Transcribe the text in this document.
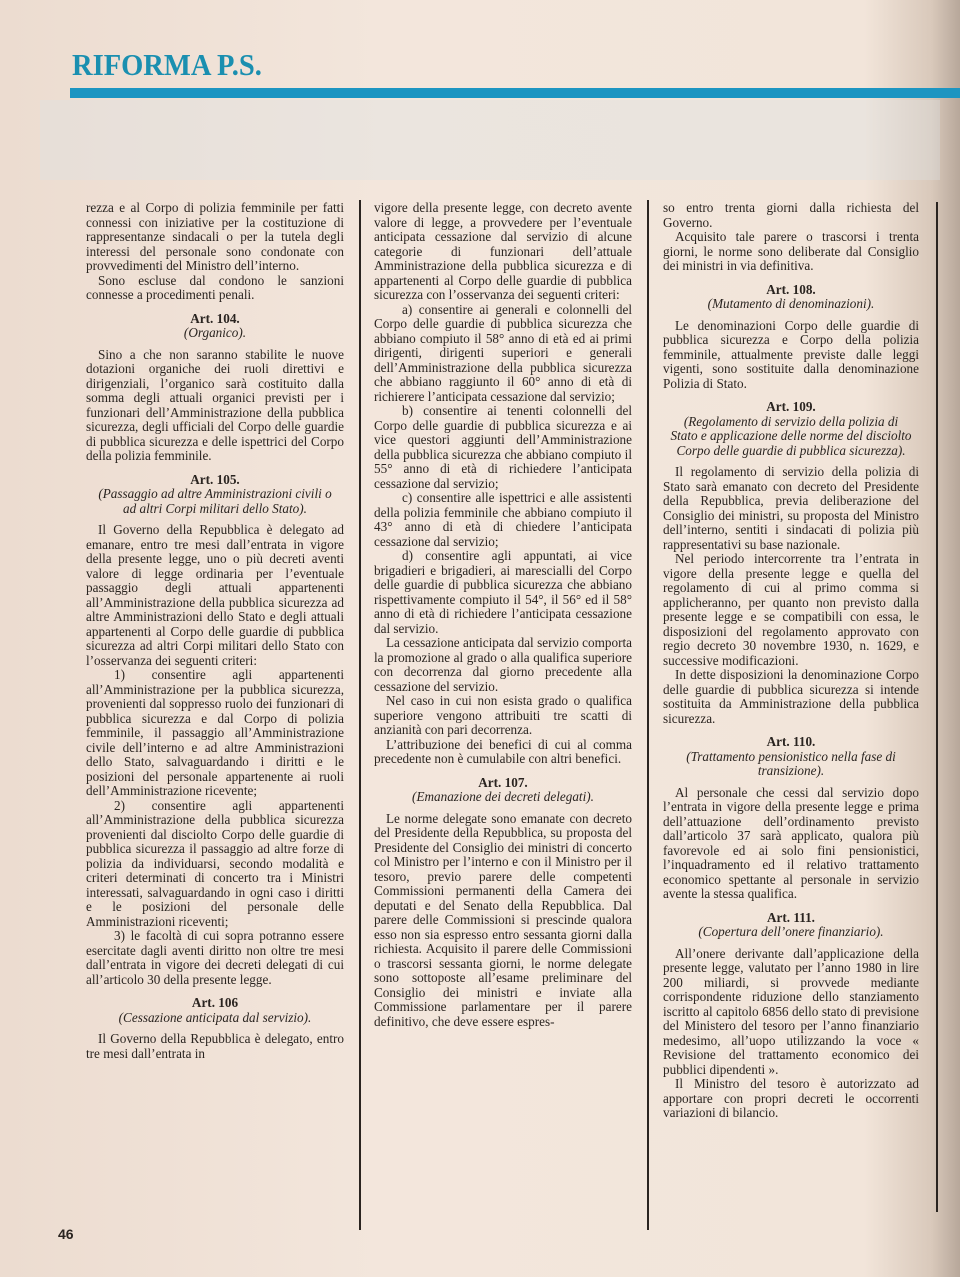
RIFORMA P.S.

rezza e al Corpo di polizia femminile per fatti connessi con iniziative per la costituzione di rappresentanze sindacali o per la tutela degli interessi del personale sono condonate con provvedimenti del Ministro dell’interno.

Sono escluse dal condono le sanzioni connesse a procedimenti penali.

Art. 104.
(Organico).

Sino a che non saranno stabilite le nuove dotazioni organiche dei ruoli direttivi e dirigenziali, l’organico sarà costituito dalla somma degli attuali organici previsti per i funzionari dell’Amministrazione della pubblica sicurezza, degli ufficiali del Corpo delle guardie di pubblica sicurezza e delle ispettrici del Corpo della polizia femminile.

Art. 105.
(Passaggio ad altre Amministrazioni civili o ad altri Corpi militari dello Stato).

Il Governo della Repubblica è delegato ad emanare, entro tre mesi dall’entrata in vigore della presente legge, uno o più decreti aventi valore di legge ordinaria per l’eventuale passaggio degli attuali appartenenti all’Amministrazione della pubblica sicurezza ad altre Amministrazioni dello Stato e degli attuali appartenenti al Corpo delle guardie di pubblica sicurezza ad altri Corpi militari dello Stato con l’osservanza dei seguenti criteri:

1) consentire agli appartenenti all’Amministrazione per la pubblica sicurezza, provenienti dal soppresso ruolo dei funzionari di pubblica sicurezza e dal Corpo di polizia femminile, il passaggio all’Amministrazione civile dell’interno e ad altre Amministrazioni dello Stato, salvaguardando i diritti e le posizioni del personale appartenente ai ruoli dell’Amministrazione ricevente;

2) consentire agli appartenenti all’Amministrazione della pubblica sicurezza provenienti dal disciolto Corpo delle guardie di pubblica sicurezza il passaggio ad altre forze di polizia da individuarsi, secondo modalità e criteri determinati di concerto tra i Ministri interessati, salvaguardando in ogni caso i diritti e le posizioni del personale delle Amministrazioni riceventi;

3) le facoltà di cui sopra potranno essere esercitate dagli aventi diritto non oltre tre mesi dall’entrata in vigore dei decreti delegati di cui all’articolo 30 della presente legge.

Art. 106
(Cessazione anticipata dal servizio).

Il Governo della Repubblica è delegato, entro tre mesi dall’entrata in

vigore della presente legge, con decreto avente valore di legge, a provvedere per l’eventuale anticipata cessazione dal servizio di alcune categorie di funzionari dell’attuale Amministrazione della pubblica sicurezza e di appartenenti al Corpo delle guardie di pubblica sicurezza con l’osservanza dei seguenti criteri:

a) consentire ai generali e colonnelli del Corpo delle guardie di pubblica sicurezza che abbiano compiuto il 58° anno di età ed ai primi dirigenti, dirigenti superiori e generali dell’Amministrazione della pubblica sicurezza che abbiano raggiunto il 60° anno di età di richierere l’anticipata cessazione dal servizio;

b) consentire ai tenenti colonnelli del Corpo delle guardie di pubblica sicurezza e ai vice questori aggiunti dell’Amministrazione della pubblica sicurezza che abbiano compiuto il 55° anno di età di richiedere l’anticipata cessazione dal servizio;

c) consentire alle ispettrici e alle assistenti della polizia femminile che abbiano compiuto il 43° anno di età di chiedere l’anticipata cessazione dal servizio;

d) consentire agli appuntati, ai vice brigadieri e brigadieri, ai marescialli del Corpo delle guardie di pubblica sicurezza che abbiano rispettivamente compiuto il 54°, il 56° ed il 58° anno di età di richiedere l’anticipata cessazione dal servizio.

La cessazione anticipata dal servizio comporta la promozione al grado o alla qualifica superiore con decorrenza dal giorno precedente alla cessazione del servizio.

Nel caso in cui non esista grado o qualifica superiore vengono attribuiti tre scatti di anzianità con pari decorrenza.

L’attribuzione dei benefici di cui al comma precedente non è cumulabile con altri benefici.

Art. 107.
(Emanazione dei decreti delegati).

Le norme delegate sono emanate con decreto del Presidente della Repubblica, su proposta del Presidente del Consiglio dei ministri di concerto col Ministro per l’interno e con il Ministro per il tesoro, previo parere delle competenti Commissioni permanenti della Camera dei deputati e del Senato della Repubblica. Dal parere delle Commissioni si prescinde qualora esso non sia espresso entro sessanta giorni dalla richiesta. Acquisito il parere delle Commissioni o trascorsi sessanta giorni, le norme delegate sono sottoposte all’esame preliminare del Consiglio dei ministri e inviate alla Commissione parlamentare per il parere definitivo, che deve essere espres-

so entro trenta giorni dalla richiesta del Governo.

Acquisito tale parere o trascorsi i trenta giorni, le norme sono deliberate dal Consiglio dei ministri in via definitiva.

Art. 108.
(Mutamento di denominazioni).

Le denominazioni Corpo delle guardie di pubblica sicurezza e Corpo della polizia femminile, attualmente previste dalle leggi vigenti, sono sostituite dalla denominazione Polizia di Stato.

Art. 109.
(Regolamento di servizio della polizia di Stato e applicazione delle norme del disciolto Corpo delle guardie di pubblica sicurezza).

Il regolamento di servizio della polizia di Stato sarà emanato con decreto del Presidente della Repubblica, previa deliberazione del Consiglio dei ministri, su proposta del Ministro dell’interno, sentiti i sindacati di polizia più rappresentativi su base nazionale.

Nel periodo intercorrente tra l’entrata in vigore della presente legge e quella del regolamento di cui al primo comma si applicheranno, per quanto non previsto dalla presente legge e se compatibili con essa, le disposizioni del regolamento approvato con regio decreto 30 novembre 1930, n. 1629, e successive modificazioni.

In dette disposizioni la denominazione Corpo delle guardie di pubblica sicurezza si intende sostituita da Amministrazione della pubblica sicurezza.

Art. 110.
(Trattamento pensionistico nella fase di transizione).

Al personale che cessi dal servizio dopo l’entrata in vigore della presente legge e prima dell’attuazione dell’ordinamento previsto dall’articolo 37 sarà applicato, qualora più favorevole ed ai solo fini pensionistici, l’inquadramento ed il relativo trattamento economico spettante al personale in servizio avente la stessa qualifica.

Art. 111.
(Copertura dell’onere finanziario).

All’onere derivante dall’applicazione della presente legge, valutato per l’anno 1980 in lire 200 miliardi, si provvede mediante corrispondente riduzione dello stanziamento iscritto al capitolo 6856 dello stato di previsione del Ministero del tesoro per l’anno finanziario medesimo, all’uopo utilizzando la voce « Revisione del trattamento economico dei pubblici dipendenti ».

Il Ministro del tesoro è autorizzato ad apportare con propri decreti le occorrenti variazioni di bilancio.

46
